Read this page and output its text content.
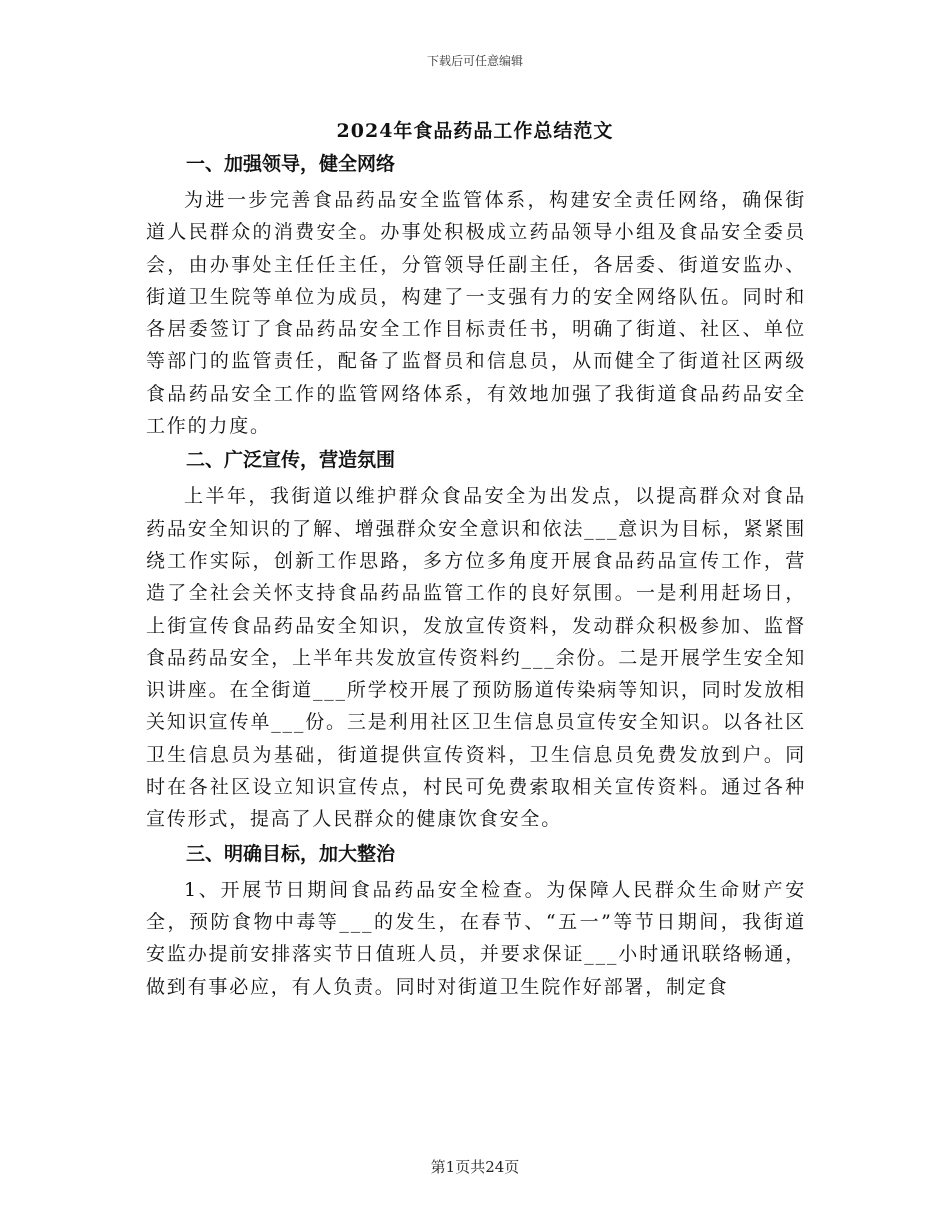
下载后可任意编辑
2024年食品药品工作总结范文
一、加强领导，健全网络

为进一步完善食品药品安全监管体系，构建安全责任网络，确保街道人民群众的消费安全。办事处积极成立药品领导小组及食品安全委员会，由办事处主任任主任，分管领导任副主任，各居委、街道安监办、街道卫生院等单位为成员，构建了一支强有力的安全网络队伍。同时和各居委签订了食品药品安全工作目标责任书，明确了街道、社区、单位等部门的监管责任，配备了监督员和信息员，从而健全了街道社区两级食品药品安全工作的监管网络体系，有效地加强了我街道食品药品安全工作的力度。

二、广泛宣传，营造氛围

上半年，我街道以维护群众食品安全为出发点，以提高群众对食品药品安全知识的了解、增强群众安全意识和依法___意识为目标，紧紧围绕工作实际，创新工作思路，多方位多角度开展食品药品宣传工作，营造了全社会关怀支持食品药品监管工作的良好氛围。一是利用赶场日，上街宣传食品药品安全知识，发放宣传资料，发动群众积极参加、监督食品药品安全，上半年共发放宣传资料约___余份。二是开展学生安全知识讲座。在全街道___所学校开展了预防肠道传染病等知识，同时发放相关知识宣传单___份。三是利用社区卫生信息员宣传安全知识。以各社区卫生信息员为基础，街道提供宣传资料，卫生信息员免费发放到户。同时在各社区设立知识宣传点，村民可免费索取相关宣传资料。通过各种宣传形式，提高了人民群众的健康饮食安全。

三、明确目标，加大整治

1、开展节日期间食品药品安全检查。为保障人民群众生命财产安全，预防食物中毒等___的发生，在春节、“五一”等节日期间，我街道安监办提前安排落实节日值班人员，并要求保证___小时通讯联络畅通，做到有事必应，有人负责。同时对街道卫生院作好部署，制定食

第1页共24页
